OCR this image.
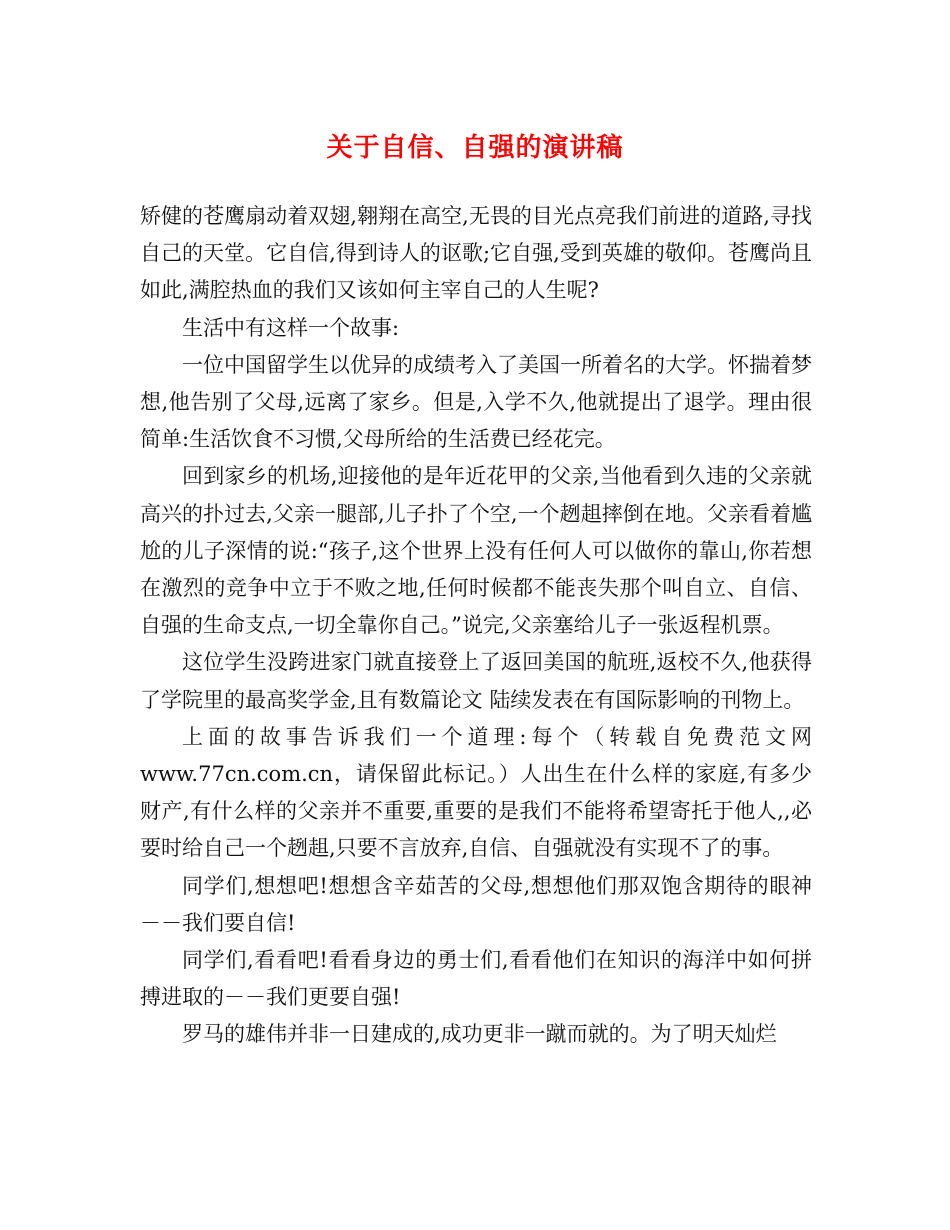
关于自信、自强的演讲稿

矫健的苍鹰扇动着双翅,翱翔在高空,无畏的目光点亮我们前进的道路,寻找自己的天堂。它自信,得到诗人的讴歌;它自强,受到英雄的敬仰。苍鹰尚且如此,满腔热血的我们又该如何主宰自己的人生呢?

生活中有这样一个故事:

一位中国留学生以优异的成绩考入了美国一所着名的大学。怀揣着梦想,他告别了父母,远离了家乡。但是,入学不久,他就提出了退学。理由很简单:生活饮食不习惯,父母所给的生活费已经花完。

回到家乡的机场,迎接他的是年近花甲的父亲,当他看到久违的父亲就高兴的扑过去,父亲一腿部,儿子扑了个空,一个趔趄摔倒在地。父亲看着尴尬的儿子深情的说:“孩子,这个世界上没有任何人可以做你的靠山,你若想在激烈的竞争中立于不败之地,任何时候都不能丧失那个叫自立、自信、自强的生命支点,一切全靠你自己。”说完,父亲塞给儿子一张返程机票。

这位学生没跨进家门就直接登上了返回美国的航班,返校不久,他获得了学院里的最高奖学金,且有数篇论文 陆续发表在有国际影响的刊物上。

上面的故事告诉我们一个道理:每个（转载自免费范文网www.77cn.com.cn，请保留此标记。）人出生在什么样的家庭,有多少财产,有什么样的父亲并不重要,重要的是我们不能将希望寄托于他人,,必要时给自己一个趔趄,只要不言放弃,自信、自强就没有实现不了的事。

同学们,想想吧!想想含辛茹苦的父母,想想他们那双饱含期待的眼神－－我们要自信!

同学们,看看吧!看看身边的勇士们,看看他们在知识的海洋中如何拼搏进取的－－我们更要自强!

罗马的雄伟并非一日建成的,成功更非一蹴而就的。为了明天灿烂
